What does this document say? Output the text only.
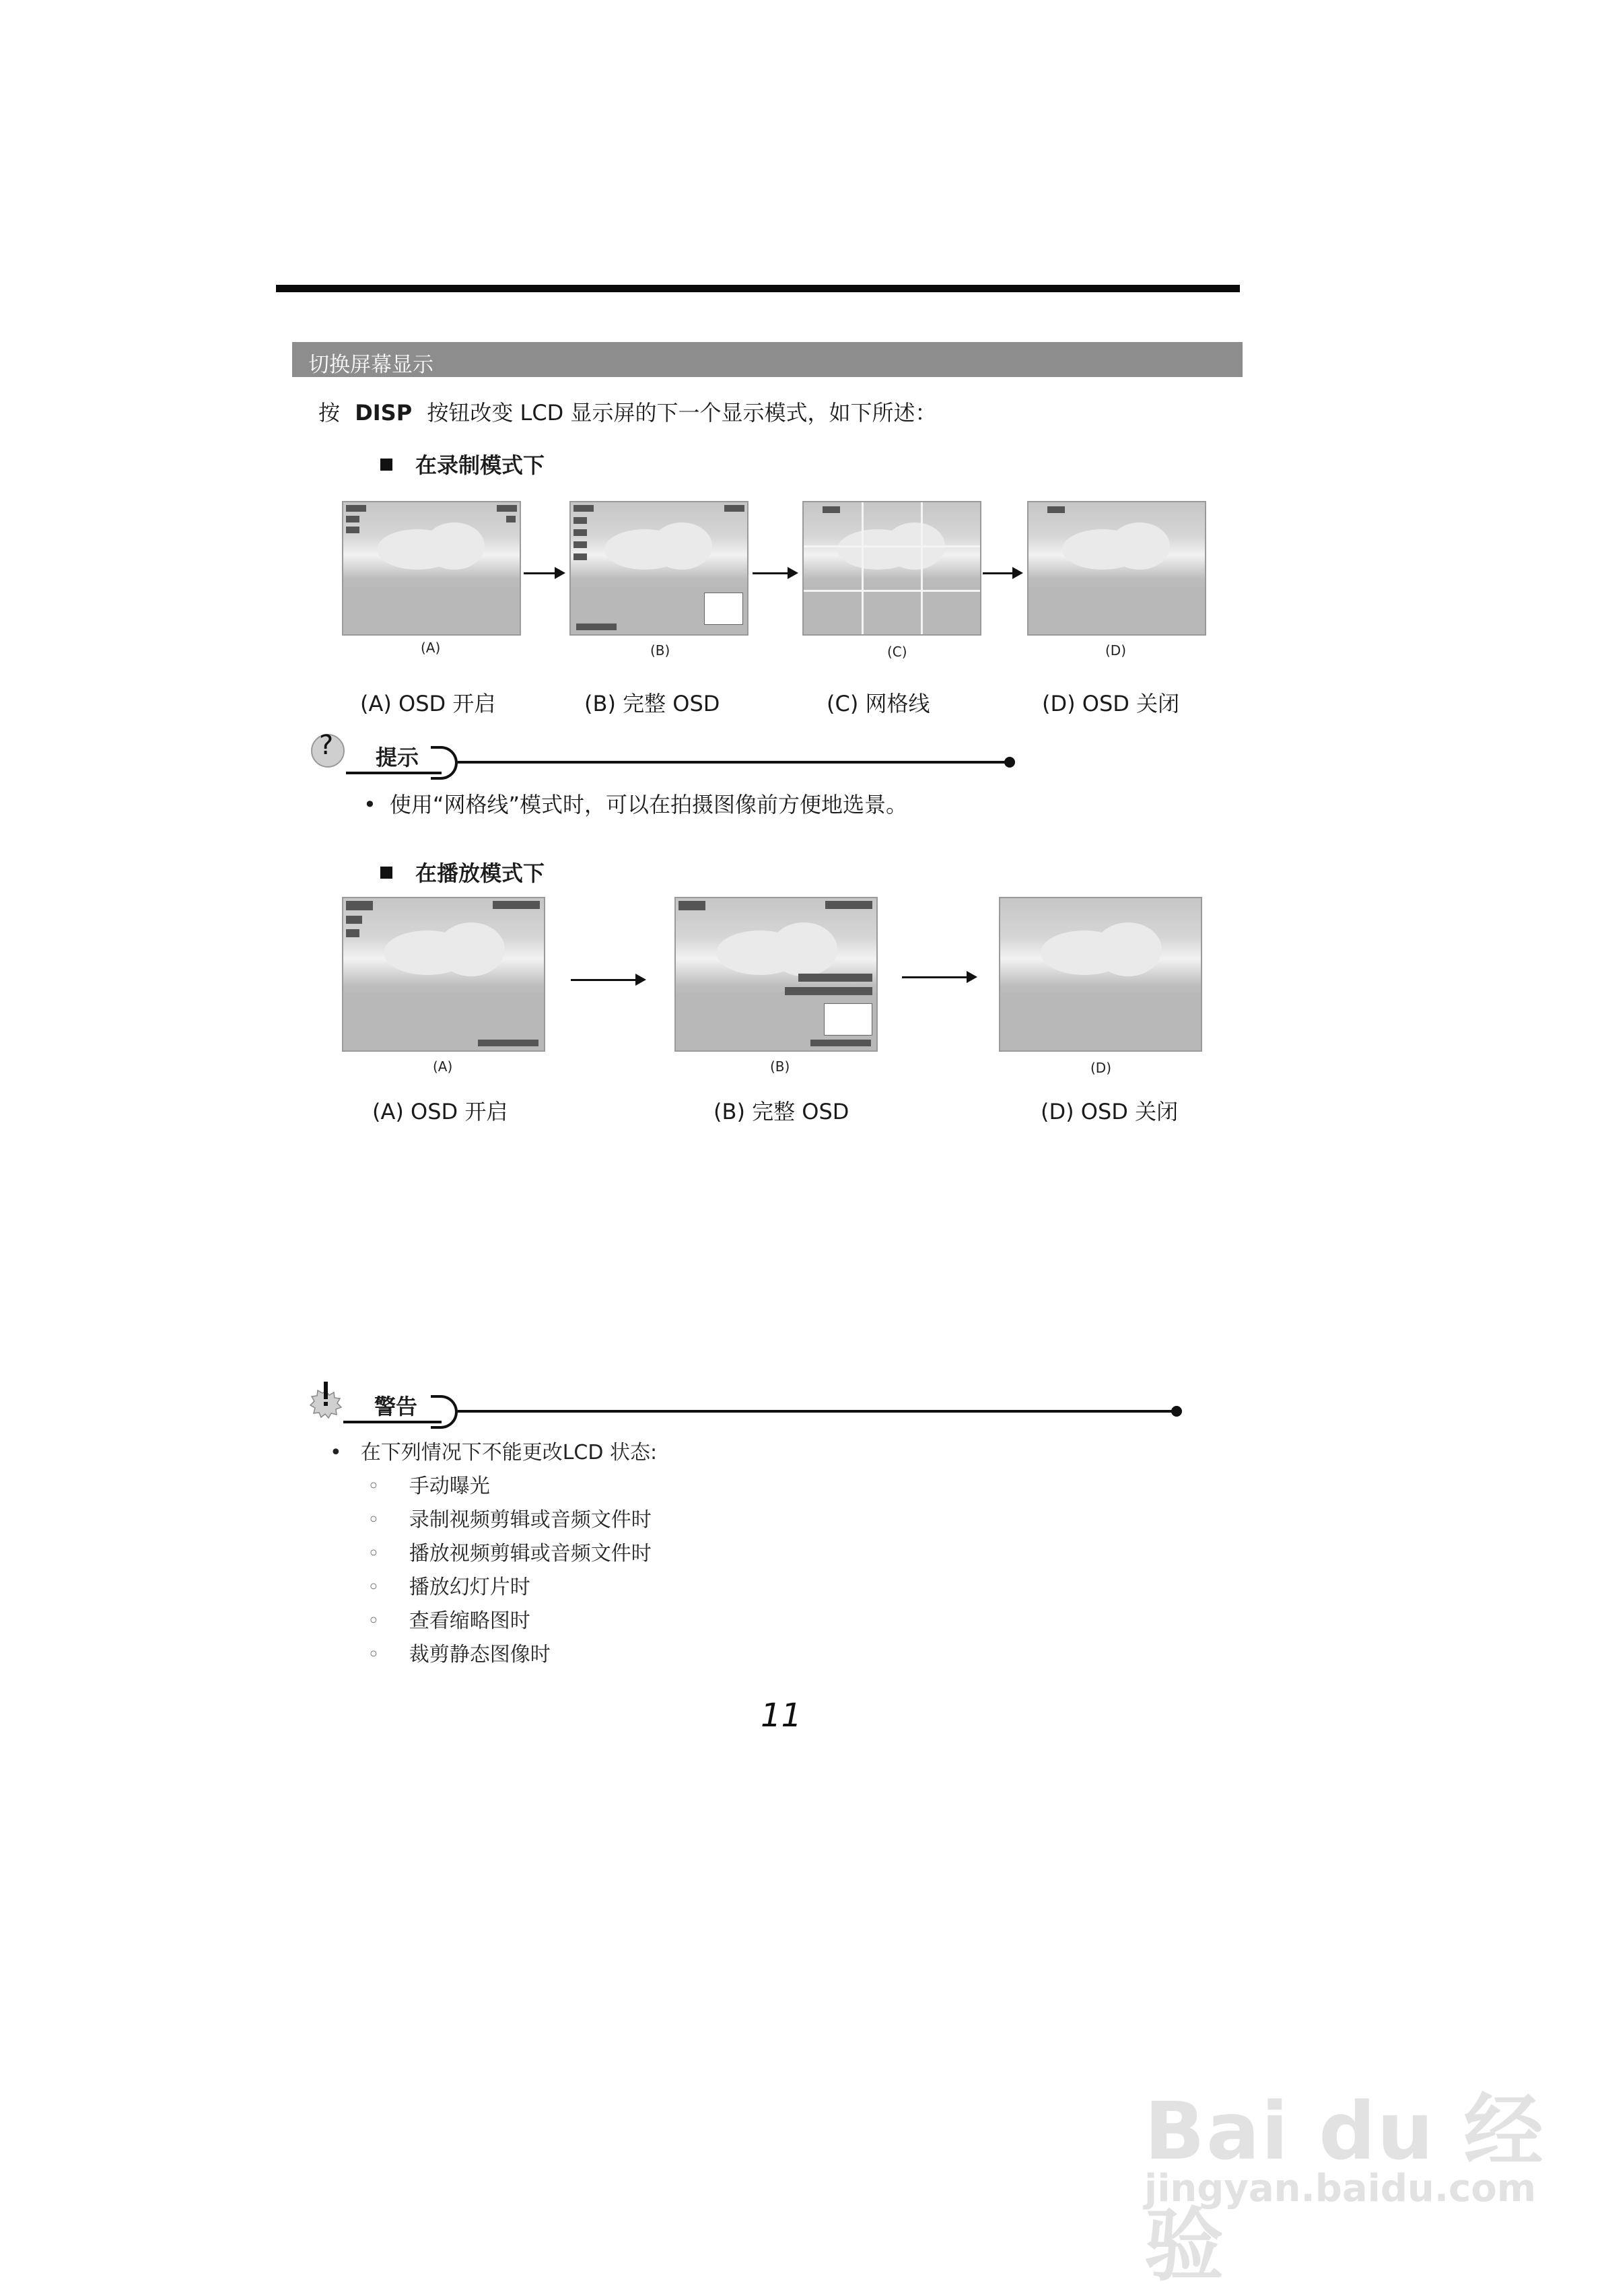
切换屏幕显示
按 DISP 按钮改变 LCD 显示屏的下一个显示模式，如下所述：
在录制模式下
(A)	(B)	(C)	(D)
(A) OSD 开启	(B) 完整 OSD	(C) 网格线	(D) OSD 关闭
? 提示
• 使用“网格线”模式时，可以在拍摄图像前方便地选景。
在播放模式下
(A)	(B)	(D)
(A) OSD 开启	(B) 完整 OSD	(D) OSD 关闭
警告
• 在下列情况下不能更改LCD 状态:
◦ 手动曝光
◦ 录制视频剪辑或音频文件时
◦ 播放视频剪辑或音频文件时
◦ 播放幻灯片时
◦ 查看缩略图时
◦ 裁剪静态图像时
11
Bai du 经验
jingyan.baidu.com
